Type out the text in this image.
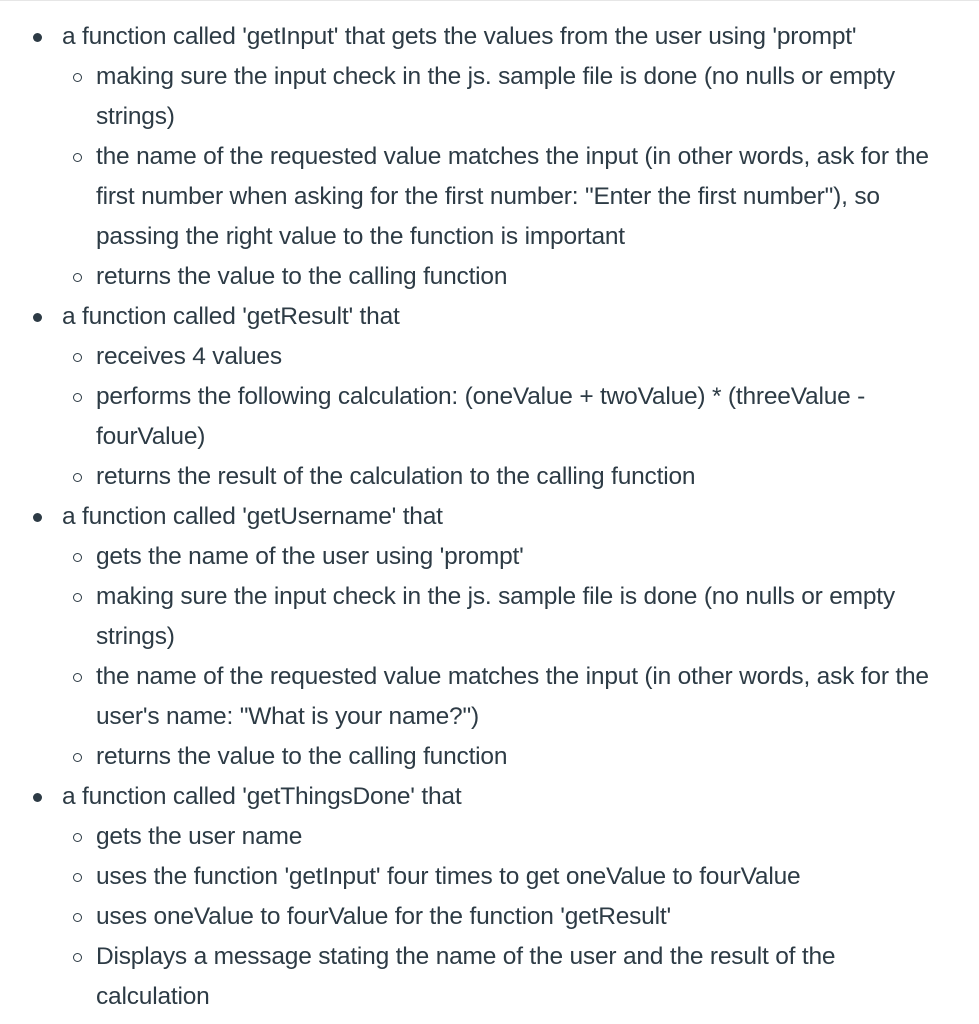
a function called 'getInput' that gets the values from the user using 'prompt'
making sure the input check in the js. sample file is done (no nulls or empty strings)
the name of the requested value matches the input (in other words, ask for the first number when asking for the first number: "Enter the first number"), so passing the right value to the function is important
returns the value to the calling function
a function called 'getResult' that
receives 4 values
performs the following calculation: (oneValue + twoValue) * (threeValue - fourValue)
returns the result of the calculation to the calling function
a function called 'getUsername' that
gets the name of the user using 'prompt'
making sure the input check in the js. sample file is done (no nulls or empty strings)
the name of the requested value matches the input (in other words, ask for the user's name: "What is your name?")
returns the value to the calling function
a function called 'getThingsDone' that
gets the user name
uses the function 'getInput' four times to get oneValue to fourValue
uses oneValue to fourValue for the function 'getResult'
Displays a message stating the name of the user and the result of the calculation
